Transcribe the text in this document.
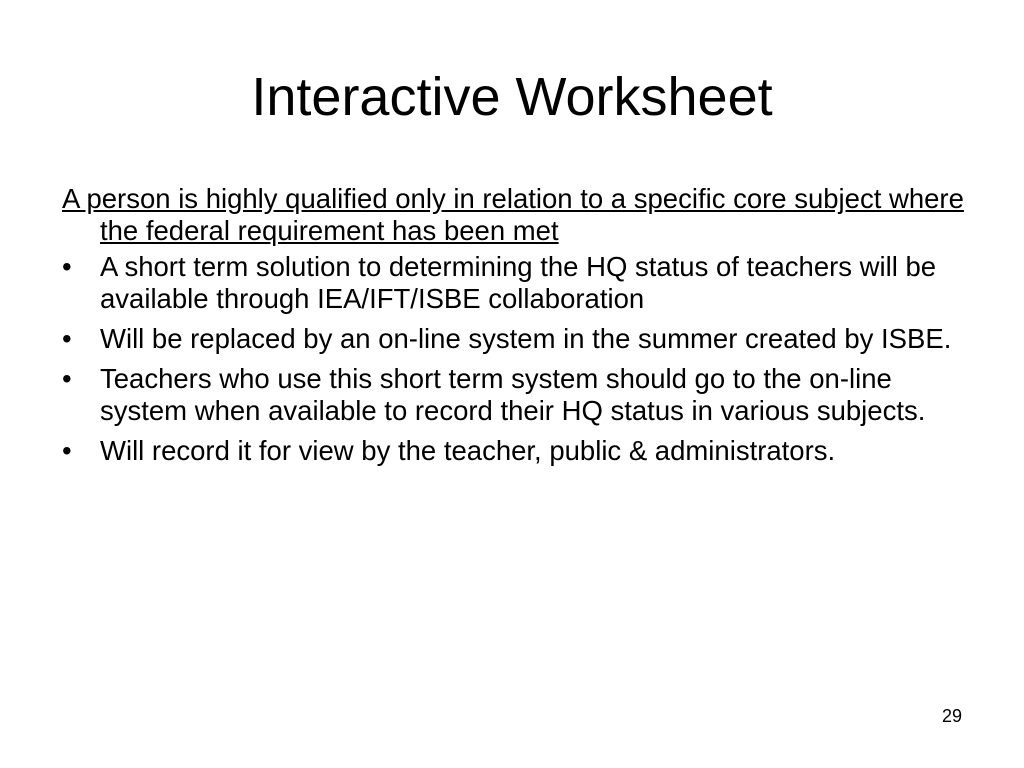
Interactive Worksheet

A person is highly qualified only in relation to a specific core subject where the federal requirement has been met

• A short term solution to determining the HQ status of teachers will be available through IEA/IFT/ISBE collaboration
• Will be replaced by an on-line system in the summer created by ISBE.
• Teachers who use this short term system should go to the on-line system when available to record their HQ status in various subjects.
• Will record it for view by the teacher, public & administrators.
29
